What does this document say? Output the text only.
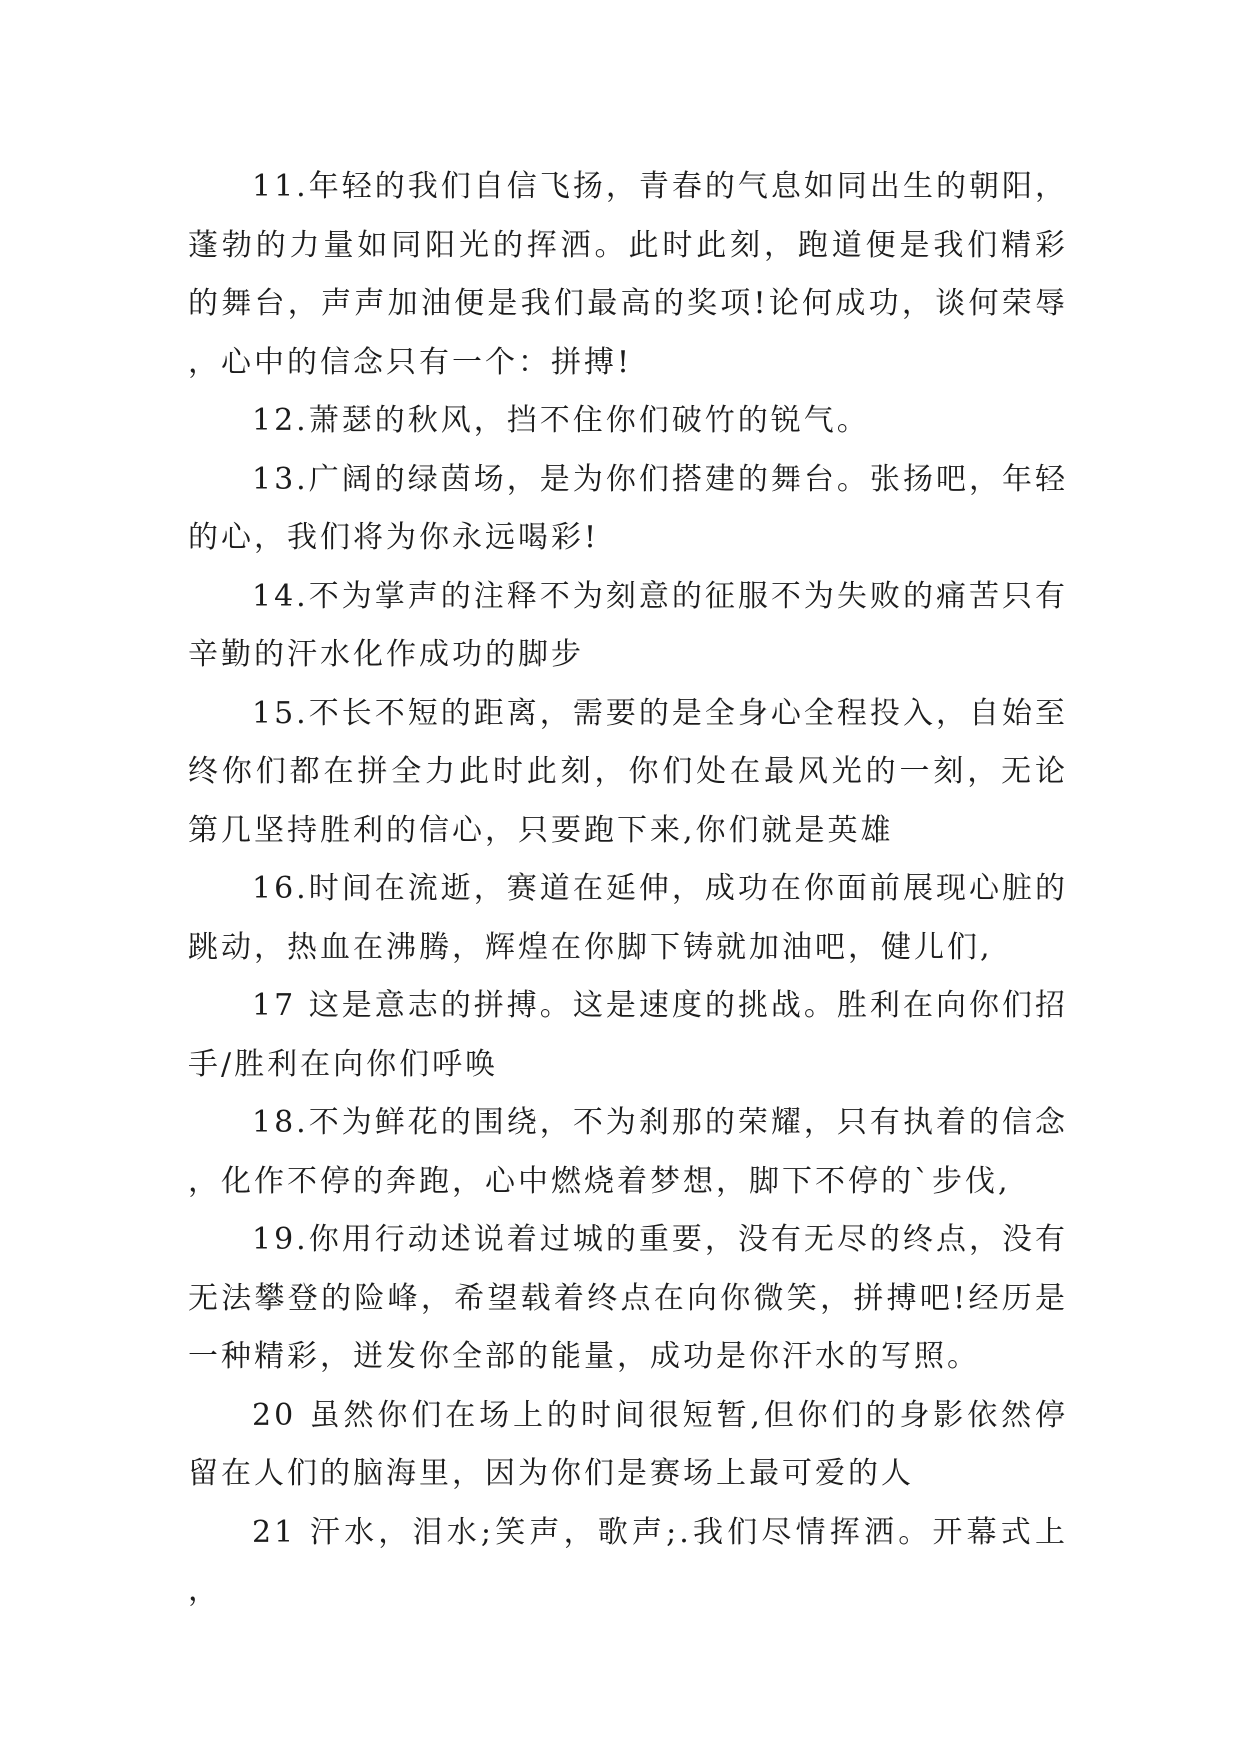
11.年轻的我们自信飞扬，青春的气息如同出生的朝阳，蓬勃的力量如同阳光的挥洒。此时此刻，跑道便是我们精彩的舞台，声声加油便是我们最高的奖项!论何成功，谈何荣辱，心中的信念只有一个：拼搏!

12.萧瑟的秋风，挡不住你们破竹的锐气。

13.广阔的绿茵场，是为你们搭建的舞台。张扬吧，年轻的心，我们将为你永远喝彩!

14.不为掌声的注释不为刻意的征服不为失败的痛苦只有辛勤的汗水化作成功的脚步

15.不长不短的距离，需要的是全身心全程投入，自始至终你们都在拼全力此时此刻，你们处在最风光的一刻，无论第几坚持胜利的信心，只要跑下来,你们就是英雄

16.时间在流逝，赛道在延伸，成功在你面前展现心脏的跳动，热血在沸腾，辉煌在你脚下铸就加油吧，健儿们,

17 这是意志的拼搏。这是速度的挑战。胜利在向你们招手/胜利在向你们呼唤

18.不为鲜花的围绕，不为刹那的荣耀，只有执着的信念，化作不停的奔跑，心中燃烧着梦想，脚下不停的`步伐,

19.你用行动述说着过城的重要，没有无尽的终点，没有无法攀登的险峰，希望载着终点在向你微笑，拼搏吧!经历是一种精彩，迸发你全部的能量，成功是你汗水的写照。

20 虽然你们在场上的时间很短暂,但你们的身影依然停留在人们的脑海里，因为你们是赛场上最可爱的人

21 汗水，泪水;笑声，歌声;.我们尽情挥洒。开幕式上，
